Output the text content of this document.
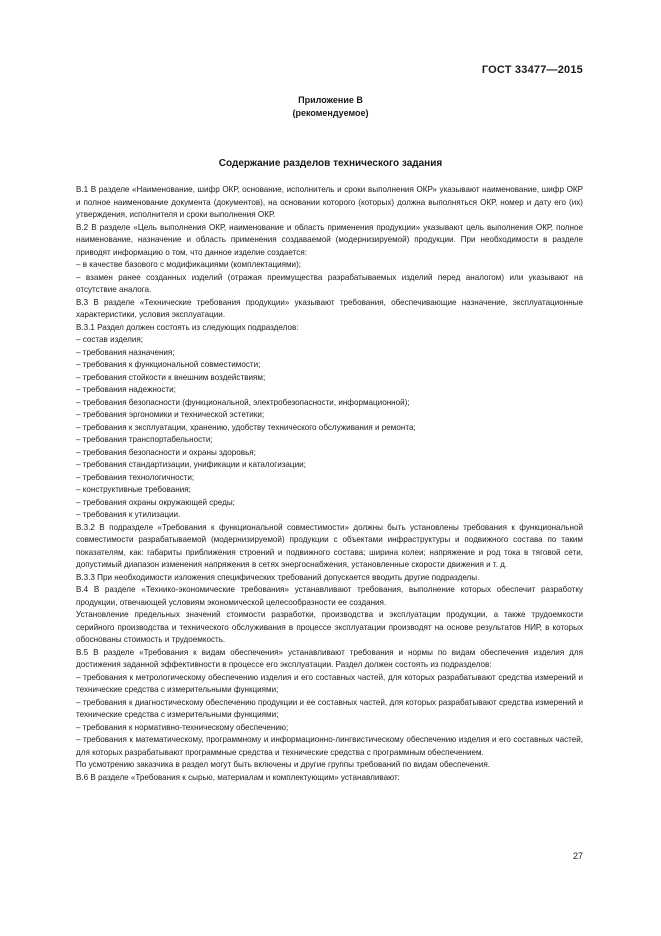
ГОСТ 33477—2015
Приложение В
(рекомендуемое)
Содержание разделов технического задания

В.1 В разделе «Наименование, шифр ОКР, основание, исполнитель и сроки выполнения ОКР» указывают наименование, шифр ОКР и полное наименование документа (документов), на основании которого (которых) должна выполняться ОКР, номер и дату его (их) утверждения, исполнителя и сроки выполнения ОКР.

В.2 В разделе «Цель выполнения ОКР, наименование и область применения продукции» указывают цель выполнения ОКР, полное наименование, назначение и область применения создаваемой (модернизируемой) продукции. При необходимости в разделе приводят информацию о том, что данное изделие создается:

– в качестве базового с модификациями (комплектациями);

– взамен ранее созданных изделий (отражая преимущества разрабатываемых изделий перед аналогом) или указывают на отсутствие аналога.

В.3 В разделе «Технические требования продукции» указывают требования, обеспечивающие назначение, эксплуатационные характеристики, условия эксплуатации.

В.3.1 Раздел должен состоять из следующих подразделов:

– состав изделия;

– требования назначения;

– требования к функциональной совместимости;

– требования стойкости к внешним воздействиям;

– требования надежности;

– требования безопасности (функциональной, электробезопасности, информационной);

– требования эргономики и технической эстетики;

– требования к эксплуатации, хранению, удобству технического обслуживания и ремонта;

– требования транспортабельности;

– требования безопасности и охраны здоровья;

– требования стандартизации, унификации и каталогизации;

– требования технологичности;

– конструктивные требования;

– требования охраны окружающей среды;

– требования к утилизации.

В.3.2 В подразделе «Требования к функциональной совместимости» должны быть установлены требования к функциональной совместимости разрабатываемой (модернизируемой) продукции с объектами инфраструктуры и подвижного состава по таким показателям, как: габариты приближения строений и подвижного состава; ширина колеи; напряжение и род тока в тяговой сети, допустимый диапазон изменения напряжения в сетях энергоснабжения, установленные скорости движения и т. д.

В.3.3 При необходимости изложения специфических требований допускается вводить другие подразделы.

В.4 В разделе «Технико-экономические требования» устанавливают требования, выполнение которых обеспечит разработку продукции, отвечающей условиям экономической целесообразности ее создания.

Установление предельных значений стоимости разработки, производства и эксплуатации продукции, а также трудоемкости серийного производства и технического обслуживания в процессе эксплуатации производят на основе результатов НИР, в которых обоснованы стоимость и трудоемкость.

В.5 В разделе «Требования к видам обеспечения» устанавливают требования и нормы по видам обеспечения изделия для достижения заданной эффективности в процессе его эксплуатации. Раздел должен состоять из подразделов:

– требования к метрологическому обеспечению изделия и его составных частей, для которых разрабатывают средства измерений и технические средства с измерительными функциями;

– требования к диагностическому обеспечению продукции и ее составных частей, для которых разрабатывают средства измерений и технические средства с измерительными функциями;

– требования к нормативно-техническому обеспечению;

– требования к математическому, программному и информационно-лингвистическому обеспечению изделия и его составных частей, для которых разрабатывают программные средства и технические средства с программным обеспечением.

По усмотрению заказчика в раздел могут быть включены и другие группы требований по видам обеспечения.

В.6 В разделе «Требования к сырью, материалам и комплектующим» устанавливают:

27
